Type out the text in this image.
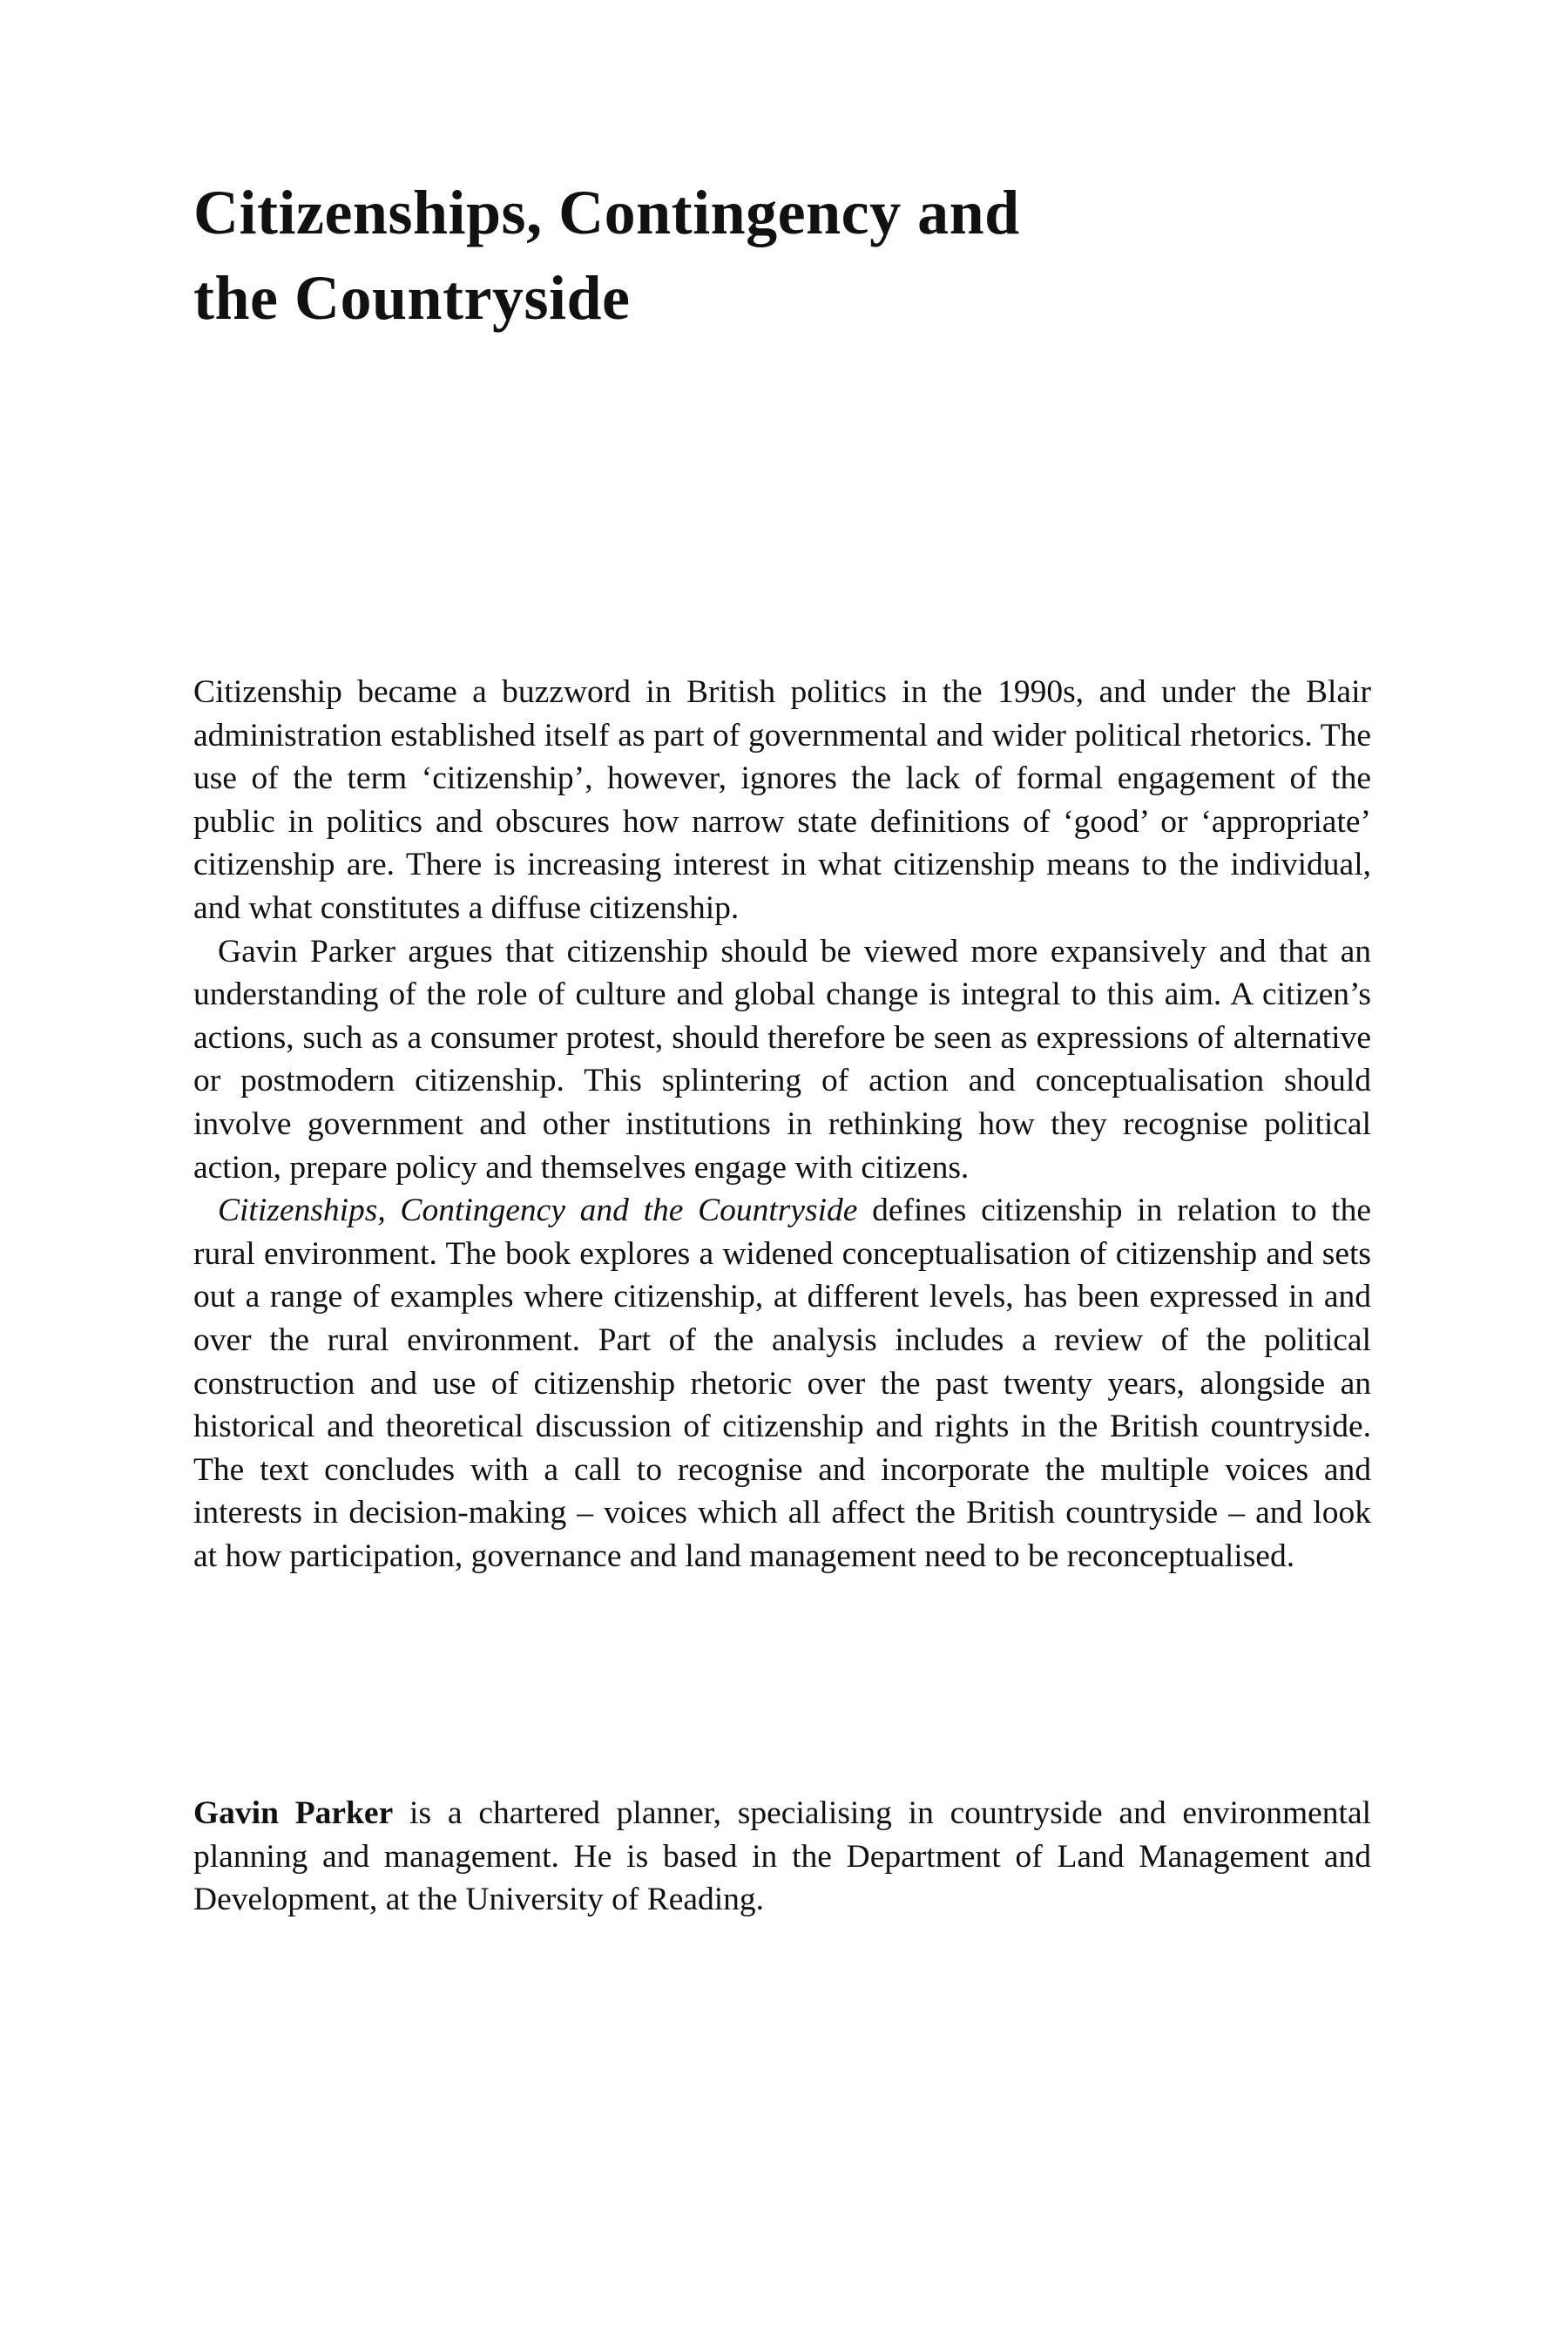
Citizenships, Contingency and
the Countryside

Citizenship became a buzzword in British politics in the 1990s, and under the Blair administration established itself as part of governmental and wider political rhetorics. The use of the term ‘citizenship’, however, ignores the lack of formal engagement of the public in politics and obscures how narrow state definitions of ‘good’ or ‘appropriate’ citizenship are. There is increasing interest in what citizenship means to the individual, and what constitutes a diffuse citizenship.

Gavin Parker argues that citizenship should be viewed more expansively and that an understanding of the role of culture and global change is integral to this aim. A citizen’s actions, such as a consumer protest, should therefore be seen as expressions of alternative or postmodern citizenship. This splintering of action and conceptualisation should involve government and other institutions in rethinking how they recognise political action, prepare policy and themselves engage with citizens.

Citizenships, Contingency and the Countryside defines citizenship in relation to the rural environment. The book explores a widened conceptualisation of citizenship and sets out a range of examples where citizenship, at different levels, has been expressed in and over the rural environment. Part of the analysis includes a review of the political construction and use of citizenship rhetoric over the past twenty years, alongside an historical and theoretical discussion of citizenship and rights in the British countryside. The text concludes with a call to recognise and incorporate the multiple voices and interests in decision-making – voices which all affect the British countryside – and look at how participation, governance and land management need to be reconceptualised.

Gavin Parker is a chartered planner, specialising in countryside and environmental planning and management. He is based in the Department of Land Management and Development, at the University of Reading.
